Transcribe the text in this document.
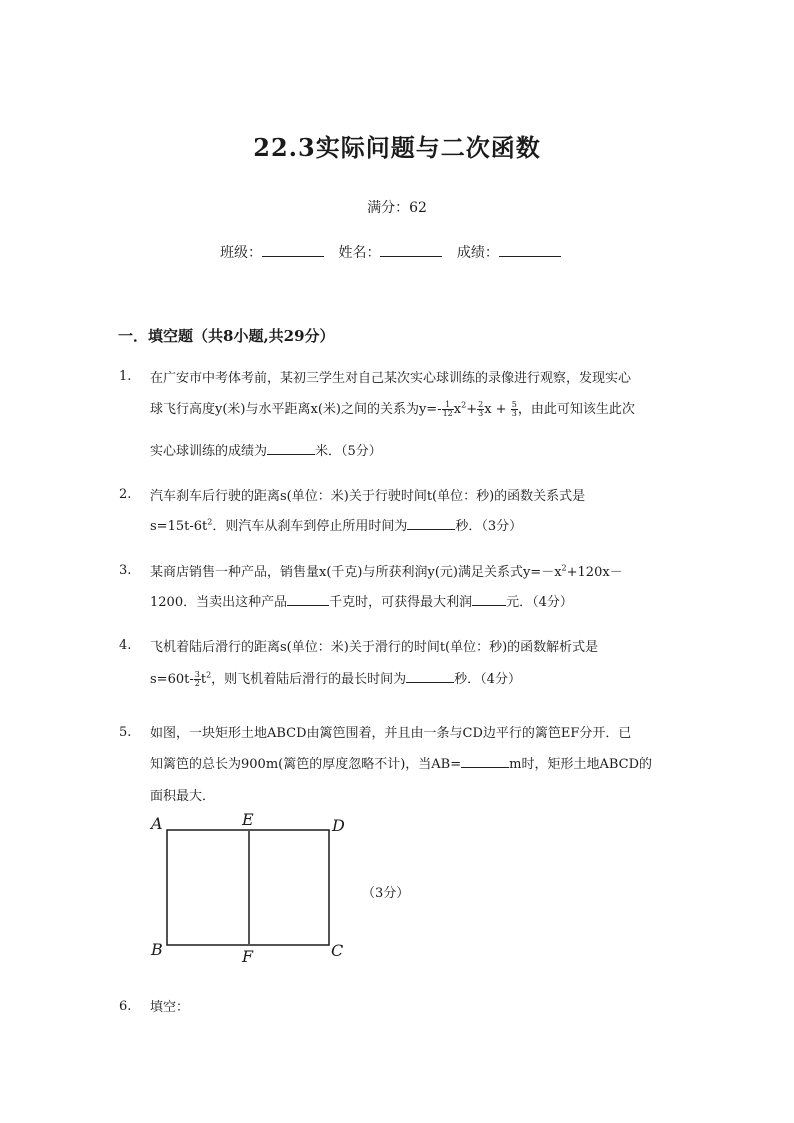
22.3实际问题与二次函数
满分：62
班级：	姓名：	成绩：
一．填空题（共8小题,共29分）
1. 在广安市中考体考前，某初三学生对自己某次实心球训练的录像进行观察，发现实心
球飞行高度y(米)与水平距离x(米)之间的关系为$y=- \frac{1}{12} x^2+ \frac{2}{3}$ $x + \frac{5}{3}$ ，由此可知该生此次
实心球训练的成绩为	米．（5分）
2. 汽车刹车后行驶的距离s(单位：米)关于行驶时间t(单位：秒)的函数关系式是
$s=15t-6t^2$．则汽车从刹车到停止所用时间为	秒．（3分）
3. 某商店销售一种产品，销售量x(千克)与所获利润y(元)满足关系式$y=-x^2+120x-$
1200．当卖出这种产品	千克时，可获得最大利润	元．（4分）
4. 飞机着陆后滑行的距离s(单位：米)关于滑行的时间t(单位：秒)的函数解析式是
$s=60t- \frac{3}{2} t^2$，则飞机着陆后滑行的最长时间为	秒．（4分）
5. 如图，一块矩形土地ABCD由篱笆围着，并且由一条与CD边平行的篱笆EF分开．已
知篱笆的总长为900m(篱笆的厚度忽略不计)，当AB=	m时，矩形土地ABCD的
面积最大．
A	E	D
B	F	C
（3分）
6. 填空：
